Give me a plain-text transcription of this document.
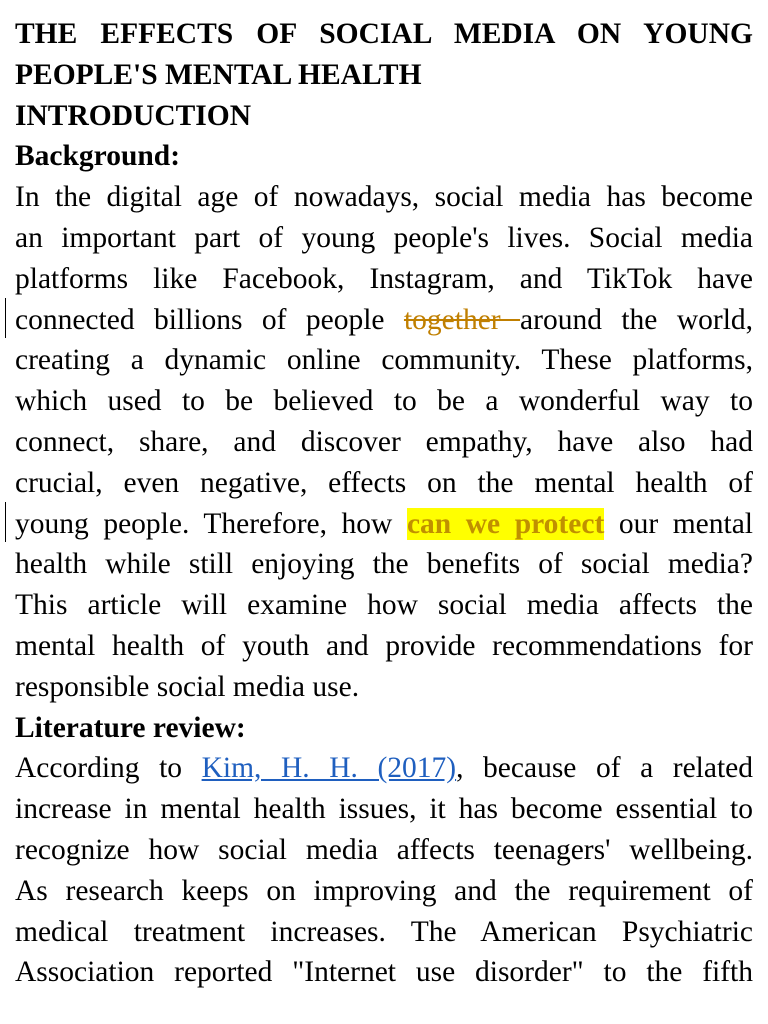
THE EFFECTS OF SOCIAL MEDIA ON YOUNG
PEOPLE'S MENTAL HEALTH
INTRODUCTION
Background:
In the digital age of nowadays, social media has become
an important part of young people's lives. Social media
platforms like Facebook, Instagram, and TikTok have
connected billions of people together around the world,
creating a dynamic online community. These platforms,
which used to be believed to be a wonderful way to
connect, share, and discover empathy, have also had
crucial, even negative, effects on the mental health of
young people. Therefore, how can we protect our mental
health while still enjoying the benefits of social media?
This article will examine how social media affects the
mental health of youth and provide recommendations for
responsible social media use.
Literature review:
According to Kim, H. H. (2017), because of a related
increase in mental health issues, it has become essential to
recognize how social media affects teenagers' wellbeing.
As research keeps on improving and the requirement of
medical treatment increases. The American Psychiatric
Association reported "Internet use disorder" to the fifth
